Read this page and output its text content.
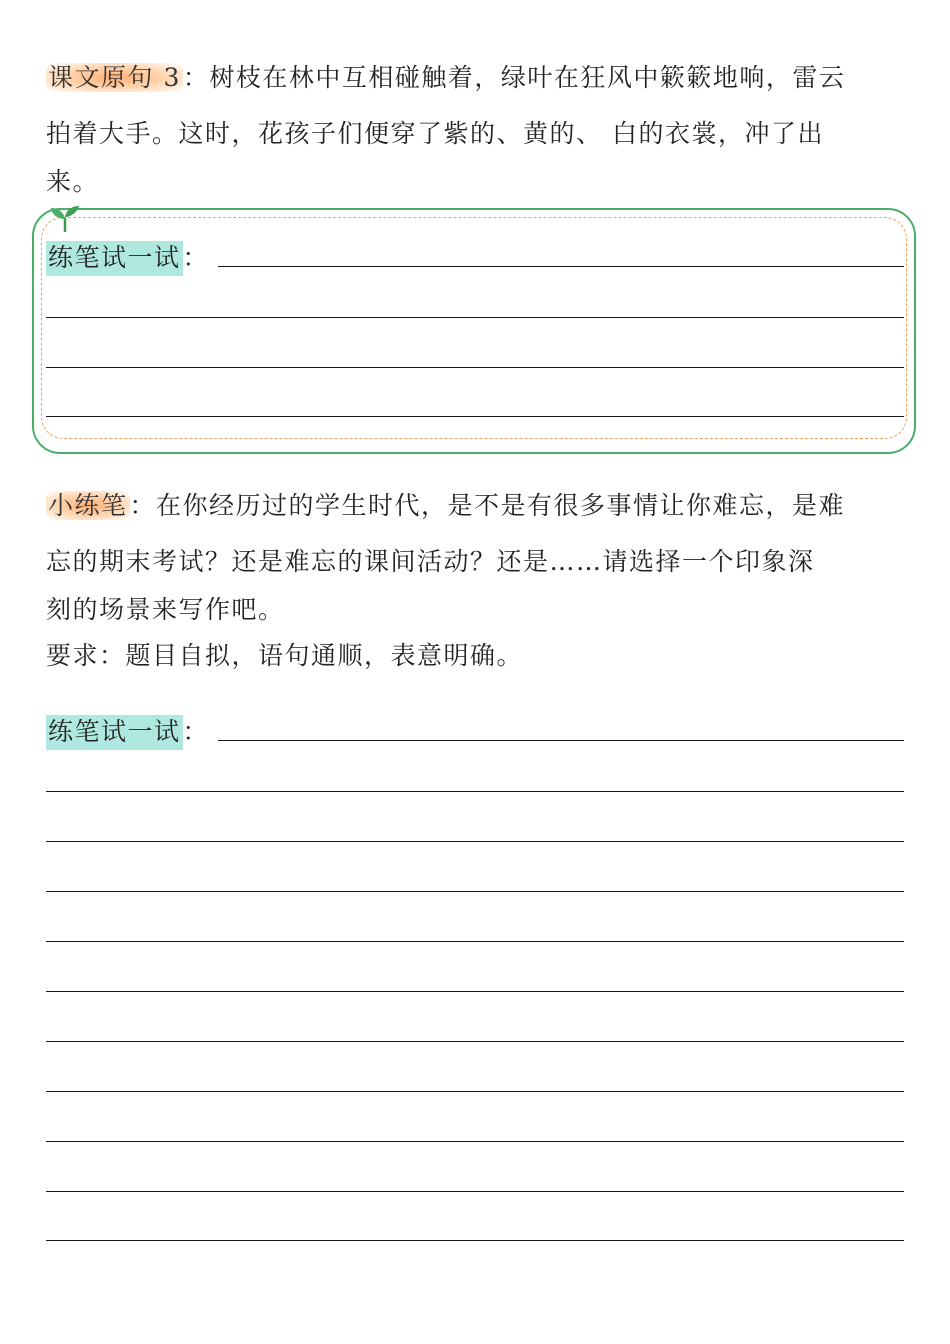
课文原句 3：树枝在林中互相碰触着，绿叶在狂风中簌簌地响，雷云
拍着大手。这时，花孩子们便穿了紫的、黄的、 白的衣裳，冲了出
来。
练笔试一试：
小练笔：在你经历过的学生时代，是不是有很多事情让你难忘，是难
忘的期末考试？还是难忘的课间活动？还是……请选择一个印象深
刻的场景来写作吧。
要求：题目自拟，语句通顺，表意明确。
练笔试一试：
